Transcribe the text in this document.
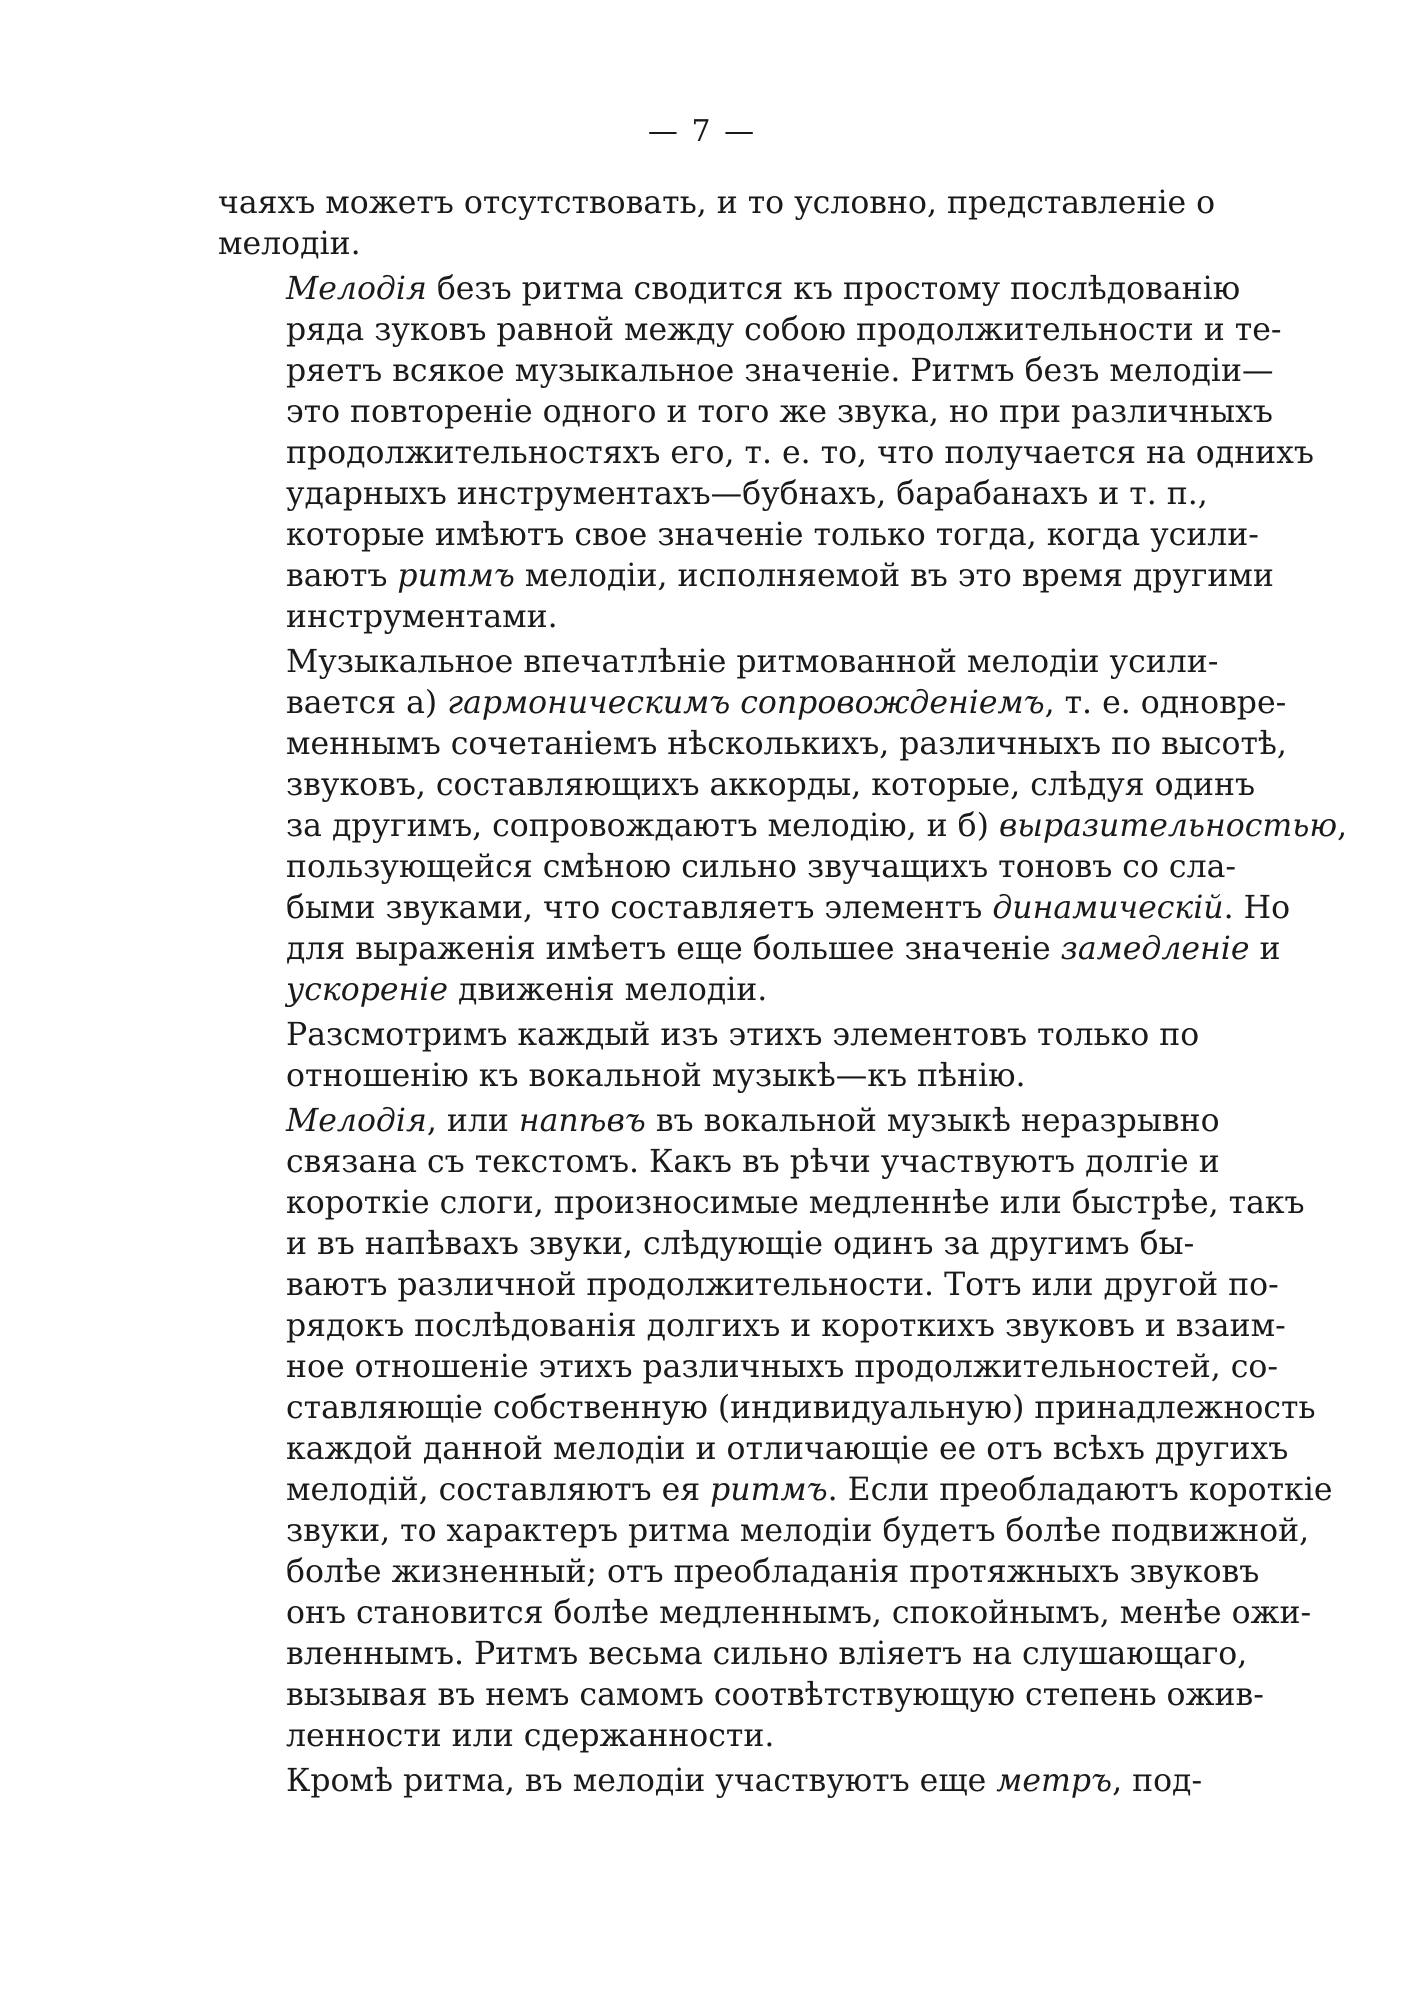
— 7 —

чаяхъ можетъ отсутствовать, и то условно, представленіе о
мелодіи.

Мелодія безъ ритма сводится къ простому послѣдованію
ряда зуковъ равной между собою продолжительности и те-
ряетъ всякое музыкальное значеніе. Ритмъ безъ мелодіи—
это повтореніе одного и того же звука, но при различныхъ
продолжительностяхъ его, т. е. то, что получается на однихъ
ударныхъ инструментахъ—бубнахъ, барабанахъ и т. п.,
которые имѣютъ свое значеніе только тогда, когда усили-
ваютъ ритмъ мелодіи, исполняемой въ это время другими
инструментами.

Музыкальное впечатлѣніе ритмованной мелодіи усили-
вается а) гармоническимъ сопровожденіемъ, т. е. одновре-
меннымъ сочетаніемъ нѣсколькихъ, различныхъ по высотѣ,
звуковъ, составляющихъ аккорды, которые, слѣдуя одинъ
за другимъ, сопровождаютъ мелодію, и б) выразительностью,
пользующейся смѣною сильно звучащихъ тоновъ со сла-
быми звуками, что составляетъ элементъ динамическій. Но
для выраженія имѣетъ еще большее значеніе замедленіе и
ускореніе движенія мелодіи.

Разсмотримъ каждый изъ этихъ элементовъ только по
отношенію къ вокальной музыкѣ—къ пѣнію.

Мелодія, или напѣвъ въ вокальной музыкѣ неразрывно
связана съ текстомъ. Какъ въ рѣчи участвуютъ долгіе и
короткіе слоги, произносимые медленнѣе или быстрѣе, такъ
и въ напѣвахъ звуки, слѣдующіе одинъ за другимъ бы-
ваютъ различной продолжительности. Тотъ или другой по-
рядокъ послѣдованія долгихъ и короткихъ звуковъ и взаим-
ное отношеніе этихъ различныхъ продолжительностей, со-
ставляющіе собственную (индивидуальную) принадлежность
каждой данной мелодіи и отличающіе ее отъ всѣхъ другихъ
мелодій, составляютъ ея ритмъ. Если преобладаютъ короткіе
звуки, то характеръ ритма мелодіи будетъ болѣе подвижной,
болѣе жизненный; отъ преобладанія протяжныхъ звуковъ
онъ становится болѣе медленнымъ, спокойнымъ, менѣе ожи-
вленнымъ. Ритмъ весьма сильно вліяетъ на слушающаго,
вызывая въ немъ самомъ соотвѣтствующую степень ожив-
ленности или сдержанности.

Кромѣ ритма, въ мелодіи участвуютъ еще метръ, под-
